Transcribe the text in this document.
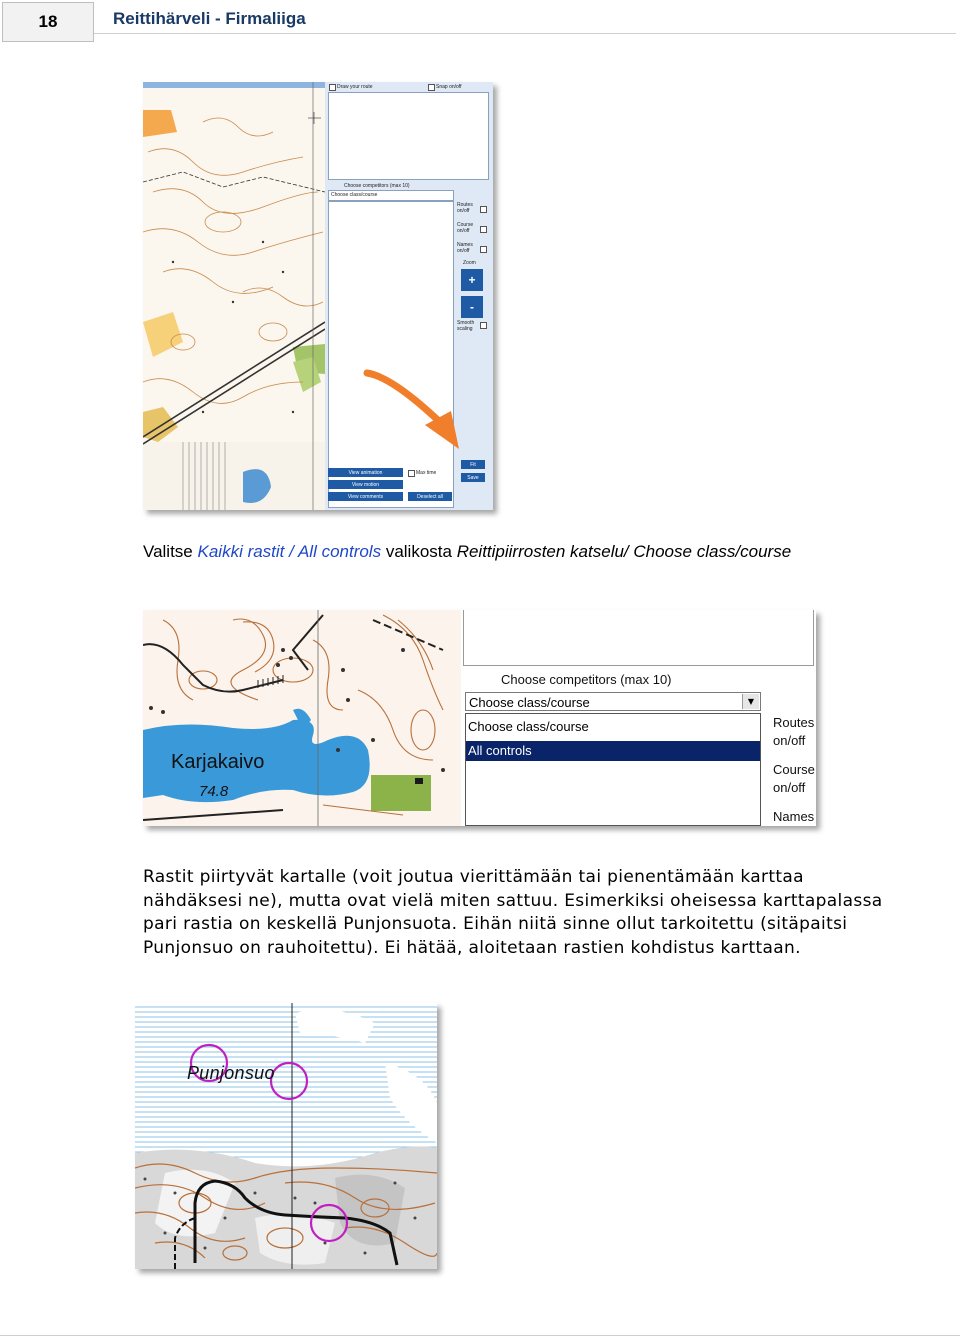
18	Reittihärveli - Firmaliiga
Draw your route	Snap on/off
Choose competitors (max 10)
Choose class/course
Routes on/off
Course on/off
Names on/off
Zoom
+
-
Smooth scaling
Fit
Save
View animation
View motion
View comments
Max time
Deselect all
Valitse Kaikki rastit / All controls valikosta Reittipiirrosten katselu/ Choose class/course
Karjakaivo
74.8
Choose competitors (max 10)
Choose class/course	▼
Choose class/course
All controls
Routes on/off
Course on/off
Names
Rastit piirtyvät kartalle (voit joutua vierittämään tai pienentämään karttaa nähdäksesi ne), mutta ovat vielä miten sattuu. Esimerkiksi oheisessa karttapalassa pari rastia on keskellä Punjonsuota. Eihän niitä sinne ollut tarkoitettu (sitäpaitsi Punjonsuo on rauhoitettu). Ei hätää, aloitetaan rastien kohdistus karttaan.
Punjonsuo
